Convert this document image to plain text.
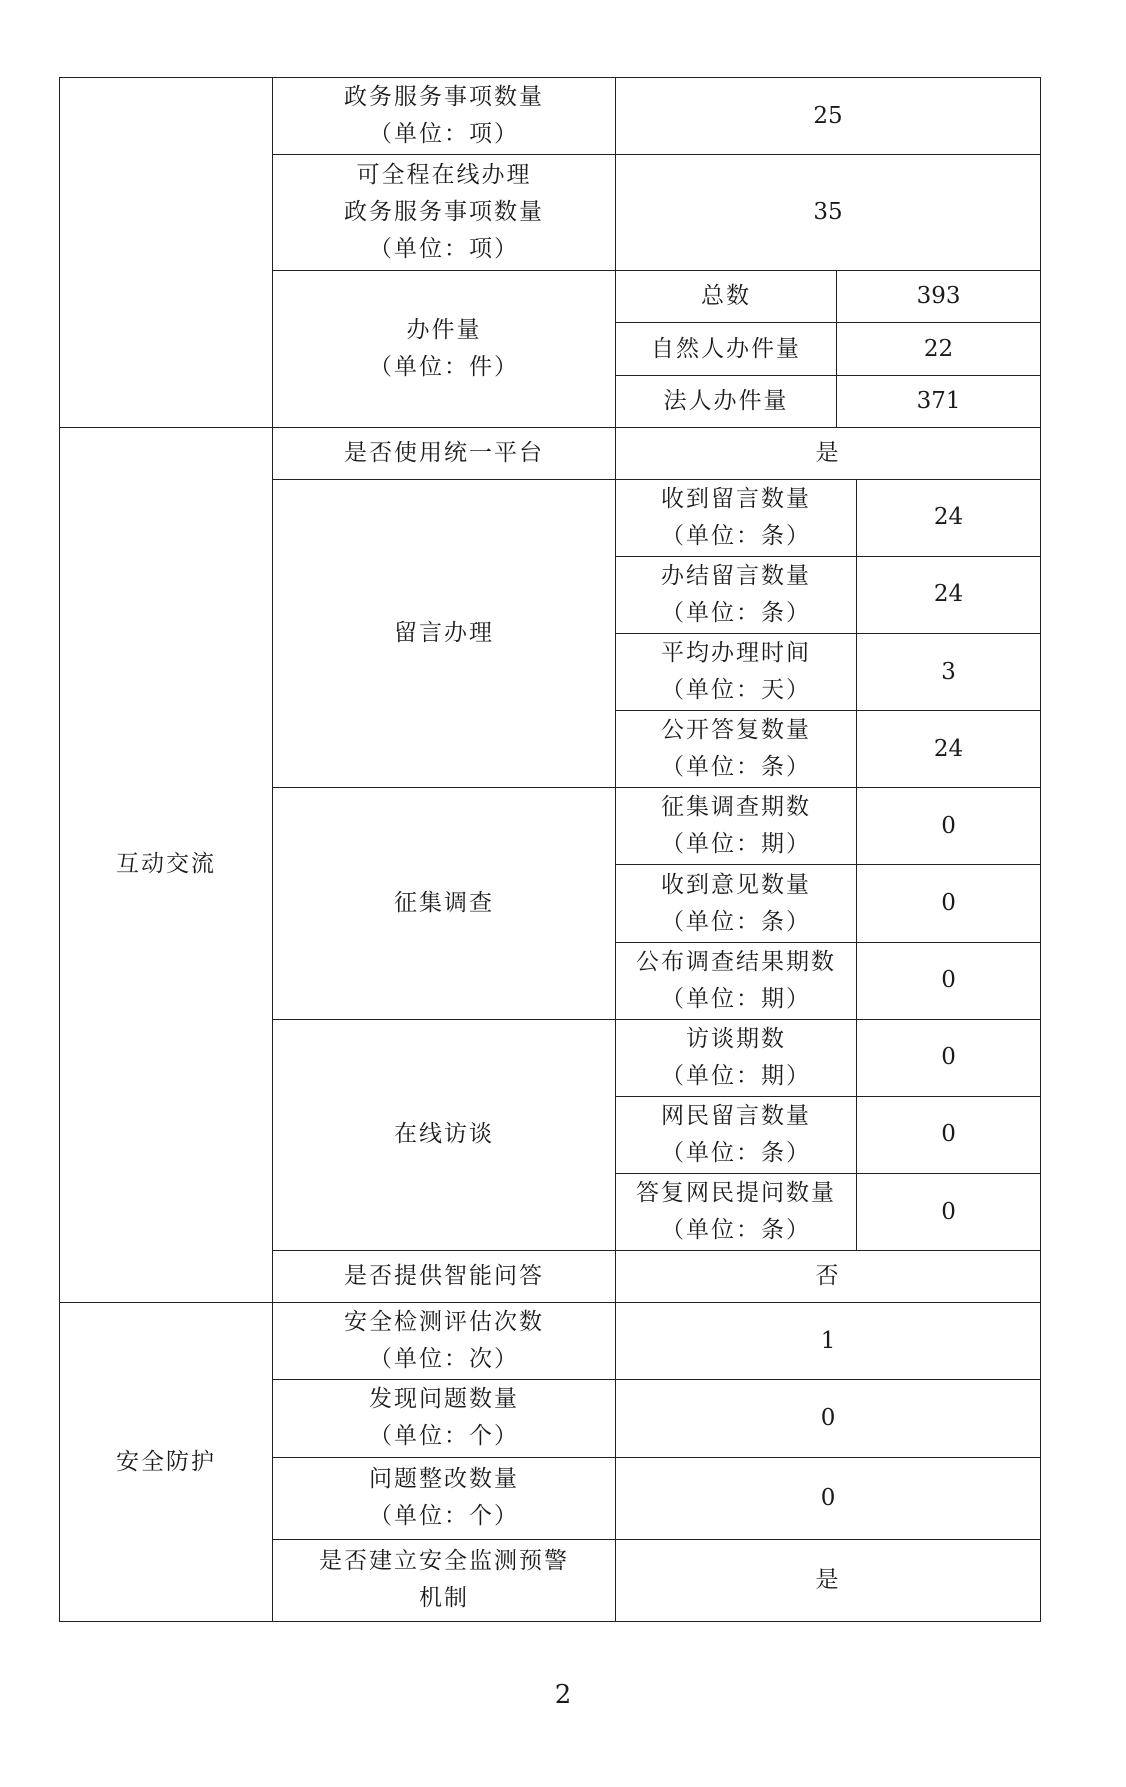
	政务服务事项数量
（单位：项）	25		

	可全程在线办理
政务服务事项数量
（单位：项）	35		

	办件量
（单位：件）	总数	393	
		自然人办件量	22	
		法人办件量	371	
互动交流	是否使用统一平台	是		
	留言办理	收到留言数量
（单位：条）		24

		办结留言数量
（单位：条）		24

		平均办理时间
（单位：天）		3

		公开答复数量
（单位：条）		24
	征集调查	征集调查期数
（单位：期）		0

		收到意见数量
（单位：条）		0

		公布调查结果期数
（单位：期）		0
	在线访谈	访谈期数
（单位：期）		0

		网民留言数量
（单位：条）		0

		答复网民提问数量
（单位：条）		0
	是否提供智能问答	否		
安全防护	安全检测评估次数
（单位：次）	1		

	发现问题数量
（单位：个）	0		

	问题整改数量
（单位：个）	0		

	是否建立安全监测预警
机制	是		
2
